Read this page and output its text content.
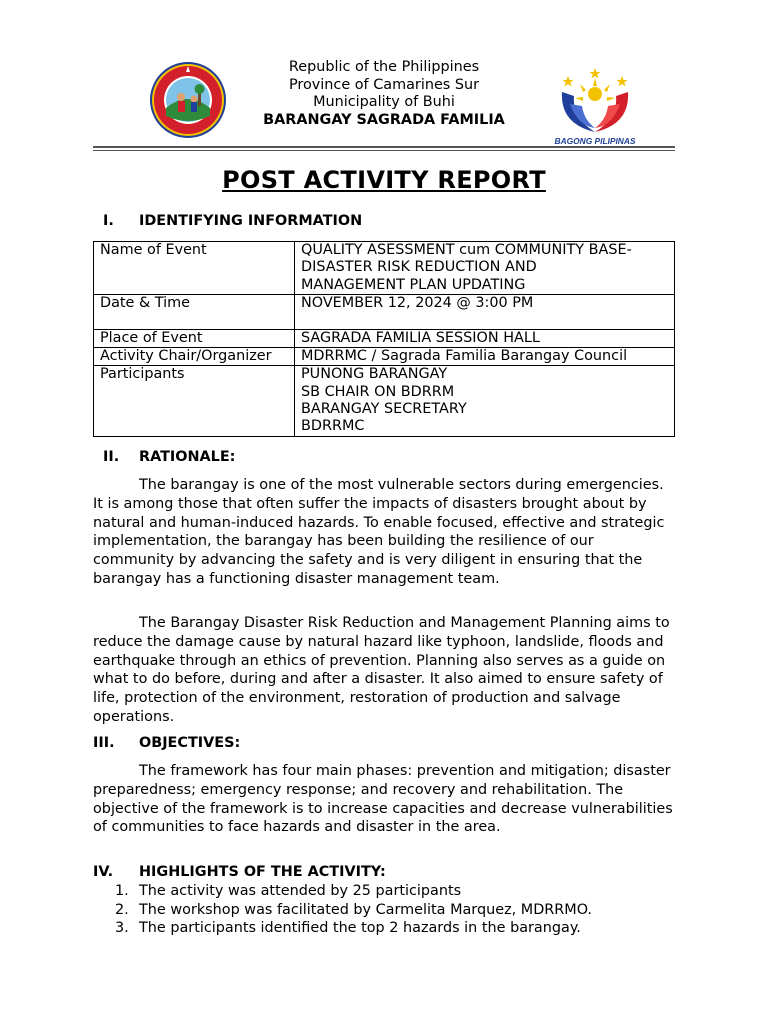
Republic of the Philippines
Province of Camarines Sur
Municipality of Buhi
BARANGAY SAGRADA FAMILIA
BAGONG PILIPINAS
POST ACTIVITY REPORT
I. IDENTIFYING INFORMATION
Name of Event	QUALITY ASESSMENT cum COMMUNITY BASE-
DISASTER RISK REDUCTION AND
MANAGEMENT PLAN UPDATING

Date & Time	NOVEMBER 12, 2024 @ 3:00 PM

Place of Event	SAGRADA FAMILIA SESSION HALL

Activity Chair/Organizer	MDRRMC / Sagrada Familia Barangay Council

Participants	PUNONG BARANGAY
SB CHAIR ON BDRRM
BARANGAY SECRETARY
BDRRMC
II. RATIONALE:
The barangay is one of the most vulnerable sectors during emergencies. It is among those that often suffer the impacts of disasters brought about by natural and human-induced hazards. To enable focused, effective and strategic implementation, the barangay has been building the resilience of our community by advancing the safety and is very diligent in ensuring that the barangay has a functioning disaster management team.
The Barangay Disaster Risk Reduction and Management Planning aims to reduce the damage cause by natural hazard like typhoon, landslide, floods and earthquake through an ethics of prevention. Planning also serves as a guide on what to do before, during and after a disaster. It also aimed to ensure safety of life, protection of the environment, restoration of production and salvage operations.
III. OBJECTIVES:
The framework has four main phases: prevention and mitigation; disaster preparedness; emergency response; and recovery and rehabilitation. The objective of the framework is to increase capacities and decrease vulnerabilities of communities to face hazards and disaster in the area.
IV. HIGHLIGHTS OF THE ACTIVITY:
1. The activity was attended by 25 participants
2. The workshop was facilitated by Carmelita Marquez, MDRRMO.
3. The participants identified the top 2 hazards in the barangay.
